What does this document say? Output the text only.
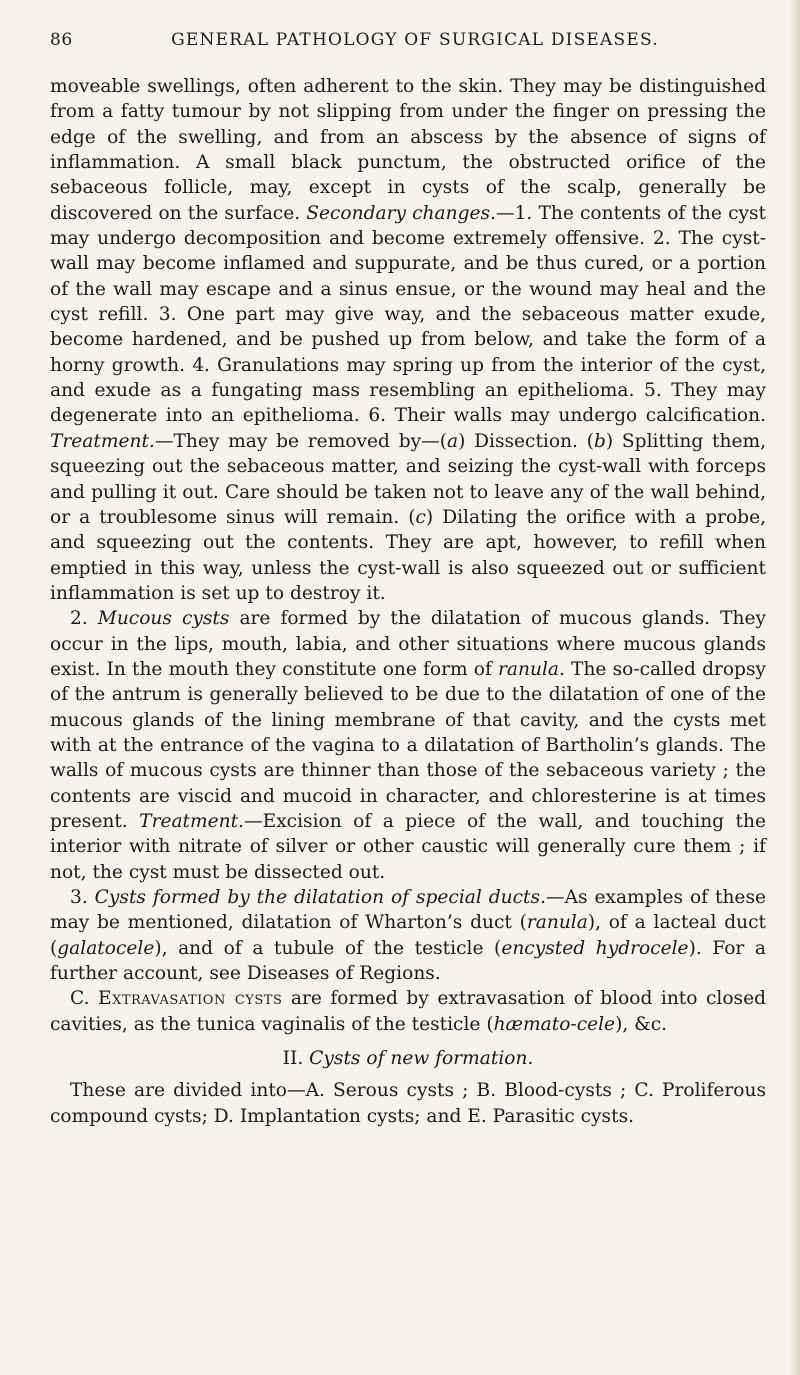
86	GENERAL PATHOLOGY OF SURGICAL DISEASES.

moveable swellings, often adherent to the skin. They may be distinguished from a fatty tumour by not slipping from under the finger on pressing the edge of the swelling, and from an abscess by the absence of signs of inflammation. A small black punctum, the obstructed orifice of the sebaceous follicle, may, except in cysts of the scalp, generally be discovered on the surface. Secondary changes.—1. The contents of the cyst may undergo decomposition and become extremely offensive. 2. The cyst-wall may become inflamed and suppurate, and be thus cured, or a portion of the wall may escape and a sinus ensue, or the wound may heal and the cyst refill. 3. One part may give way, and the sebaceous matter exude, become hardened, and be pushed up from below, and take the form of a horny growth. 4. Granulations may spring up from the interior of the cyst, and exude as a fungating mass resembling an epithelioma. 5. They may degenerate into an epithelioma. 6. Their walls may undergo calcification. Treatment.—They may be removed by—(a) Dissection. (b) Splitting them, squeezing out the sebaceous matter, and seizing the cyst-wall with forceps and pulling it out. Care should be taken not to leave any of the wall behind, or a troublesome sinus will remain. (c) Dilating the orifice with a probe, and squeezing out the contents. They are apt, however, to refill when emptied in this way, unless the cyst-wall is also squeezed out or sufficient inflammation is set up to destroy it.

2. Mucous cysts are formed by the dilatation of mucous glands. They occur in the lips, mouth, labia, and other situations where mucous glands exist. In the mouth they constitute one form of ranula. The so-called dropsy of the antrum is generally believed to be due to the dilatation of one of the mucous glands of the lining membrane of that cavity, and the cysts met with at the entrance of the vagina to a dilatation of Bartholin’s glands. The walls of mucous cysts are thinner than those of the sebaceous variety ; the contents are viscid and mucoid in character, and chloresterine is at times present. Treatment.—Excision of a piece of the wall, and touching the interior with nitrate of silver or other caustic will generally cure them ; if not, the cyst must be dissected out.

3. Cysts formed by the dilatation of special ducts.—As examples of these may be mentioned, dilatation of Wharton’s duct (ranula), of a lacteal duct (galatocele), and of a tubule of the testicle (encysted hydrocele). For a further account, see Diseases of Regions.

C. Extravasation cysts are formed by extravasation of blood into closed cavities, as the tunica vaginalis of the testicle (hæmato-cele), &c.

II. Cysts of new formation.

These are divided into—A. Serous cysts ; B. Blood-cysts ; C. Proliferous compound cysts; D. Implantation cysts; and E. Parasitic cysts.
